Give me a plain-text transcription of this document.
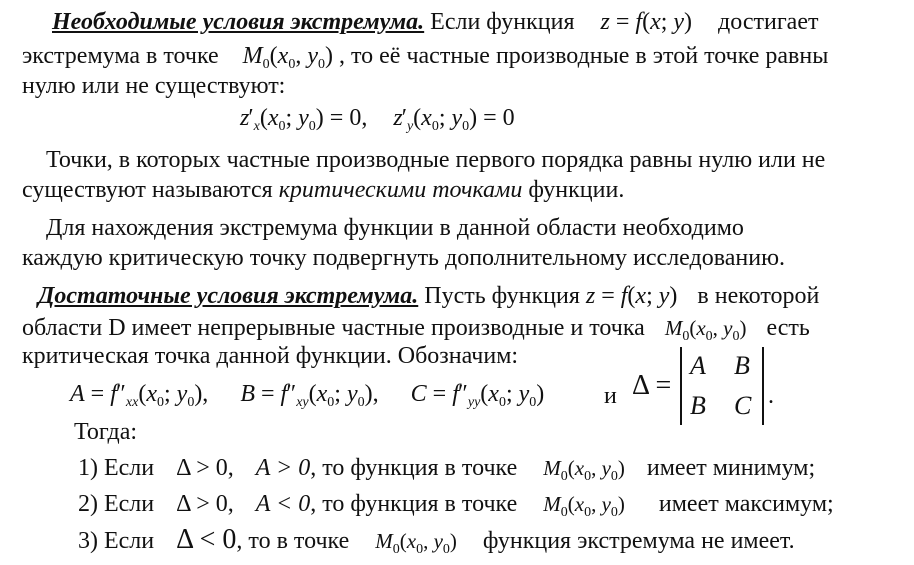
Необходимые условия экстремума. Если функция z = f(x; y) достигает
экстремума в точке $M_0(x_0$, $y_0$) , то её частные производные в этой точке равны
нулю или не существуют:
$z'_x(x_0$; $y_0) = 0$, $z'_y(x_0$; $y_0) = 0$
Точки, в которых частные производные первого порядка равны нулю или не
существуют называются критическими точками функции.
Для нахождения экстремума функции в данной области необходимо
каждую критическую точку подвергнуть дополнительному исследованию.
Достаточные условия экстремума. Пусть функция z = f(x; y) в некоторой
области D имеет непрерывные частные производные и точка $M_0(x_0$, $y_0$) есть
критическая точка данной функции. Обозначим:
$A = f''_{xx}(x_0$; $y_0$), $B = f''_{xy}(x_0$; $y_0$), $C = f''_{yy}(x_0$; $y_0$) и Δ =
A B
B C .
Тогда:
1) Если Δ > 0, A > 0, то функция в точке $M_0(x_0$, $y_0$) имеет минимум;
2) Если Δ > 0, A < 0, то функция в точке $M_0(x_0$, $y_0$) имеет максимум;
3) Если Δ < 0, то в точке $M_0(x_0$, $y_0$) функция экстремума не имеет.
